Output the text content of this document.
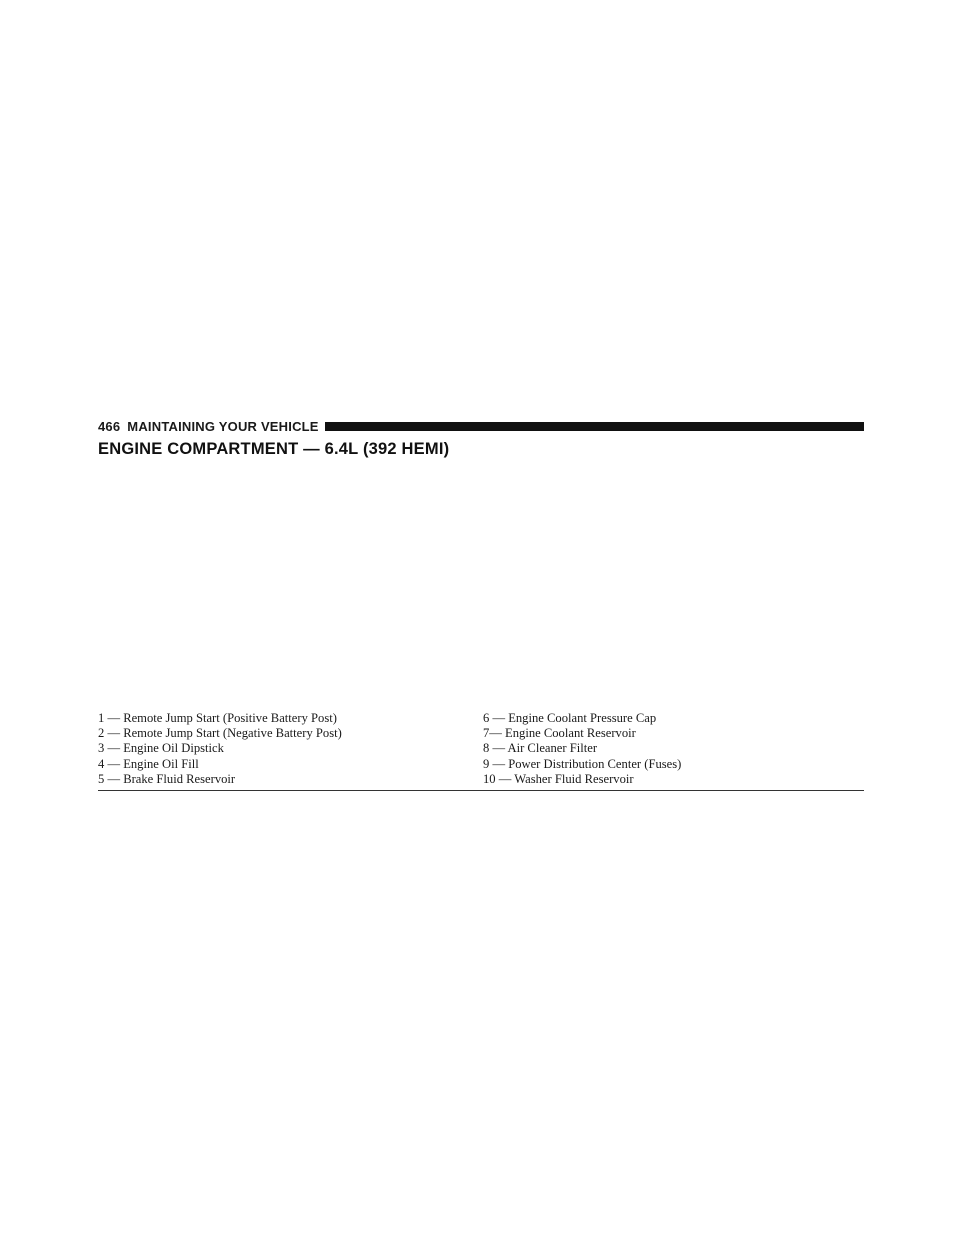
466 MAINTAINING YOUR VEHICLE
ENGINE COMPARTMENT — 6.4L (392 HEMI)
1 — Remote Jump Start (Positive Battery Post)
2 — Remote Jump Start (Negative Battery Post)
3 — Engine Oil Dipstick
4 — Engine Oil Fill
5 — Brake Fluid Reservoir
6 — Engine Coolant Pressure Cap
7— Engine Coolant Reservoir
8 — Air Cleaner Filter
9 — Power Distribution Center (Fuses)
10 — Washer Fluid Reservoir
